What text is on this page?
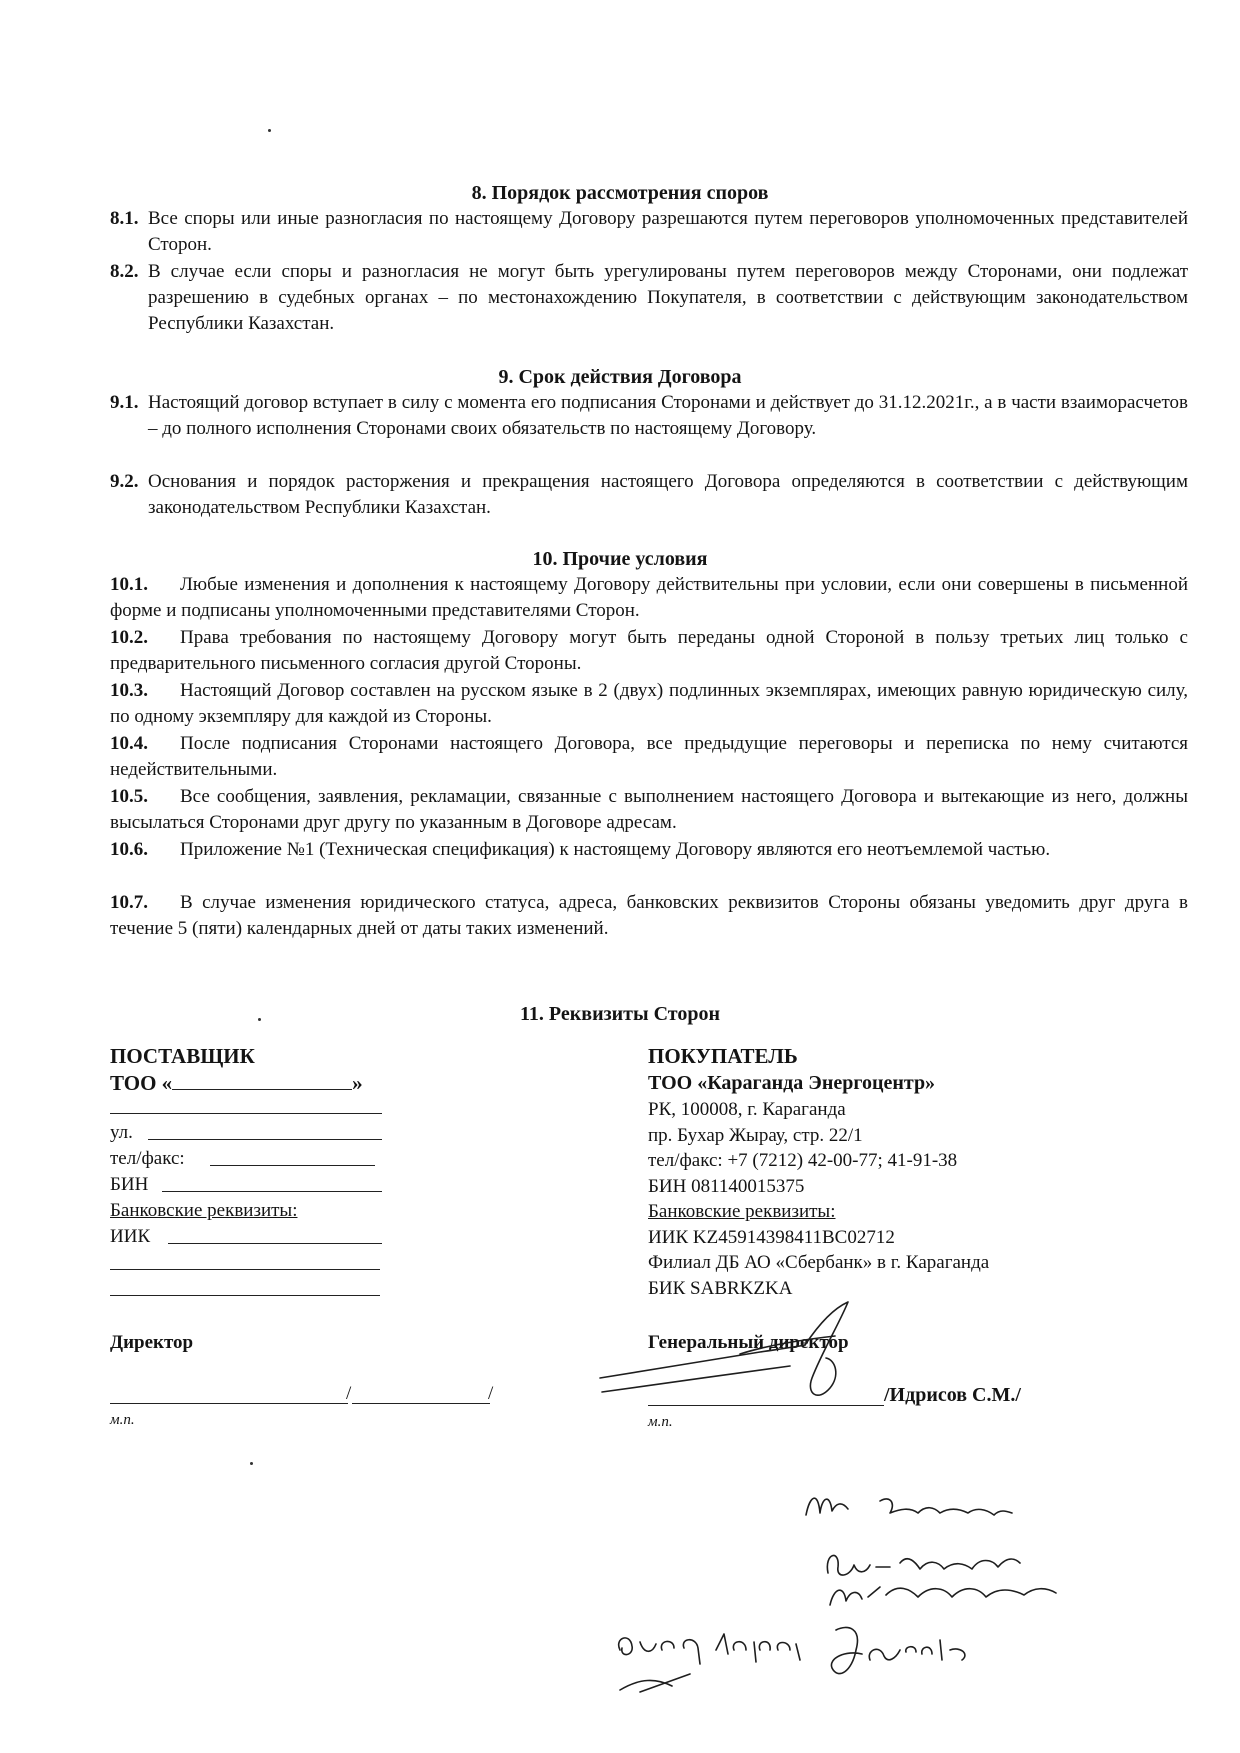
8. Порядок рассмотрения споров
8.1. Все споры или иные разногласия по настоящему Договору разрешаются путем переговоров уполномоченных представителей Сторон.
8.2. В случае если споры и разногласия не могут быть урегулированы путем переговоров между Сторонами, они подлежат разрешению в судебных органах – по местонахождению Покупателя, в соответствии с действующим законодательством Республики Казахстан.
9. Срок действия Договора
9.1. Настоящий договор вступает в силу с момента его подписания Сторонами и действует до 31.12.2021г., а в части взаиморасчетов – до полного исполнения Сторонами своих обязательств по настоящему Договору.
9.2. Основания и порядок расторжения и прекращения настоящего Договора определяются в соответствии с действующим законодательством Республики Казахстан.
10. Прочие условия
10.1.	Любые изменения и дополнения к настоящему Договору действительны при условии, если они совершены в письменной форме и подписаны уполномоченными представителями Сторон.
10.2.	Права требования по настоящему Договору могут быть переданы одной Стороной в пользу третьих лиц только с предварительного письменного согласия другой Стороны.
10.3.	Настоящий Договор составлен на русском языке в 2 (двух) подлинных экземплярах, имеющих равную юридическую силу, по одному экземпляру для каждой из Стороны.
10.4.	После подписания Сторонами настоящего Договора, все предыдущие переговоры и переписка по нему считаются недействительными.
10.5.	Все сообщения, заявления, рекламации, связанные с выполнением настоящего Договора и вытекающие из него, должны высылаться Сторонами друг другу по указанным в Договоре адресам.
10.6.	Приложение №1 (Техническая спецификация) к настоящему Договору являются его неотъемлемой частью.
10.7.	В случае изменения юридического статуса, адреса, банковских реквизитов Стороны обязаны уведомить друг друга в течение 5 (пяти) календарных дней от даты таких изменений.
11. Реквизиты Сторон
ПОСТАВЩИК
ТОО «	»
ул.
тел/факс:
БИН
Банковские реквизиты:
ИИК
Директор
/	/
м.п.
ПОКУПАТЕЛЬ
ТОО «Караганда Энергоцентр»
РК, 100008, г. Караганда
пр. Бухар Жырау, стр. 22/1
тел/факс: +7 (7212) 42-00-77; 41-91-38
БИН 081140015375
Банковские реквизиты:
ИИК KZ45914398411BC02712
Филиал ДБ АО «Сбербанк» в г. Караганда
БИК SABRKZKA
Генеральный директор
/Идрисов С.М./
м.п.
